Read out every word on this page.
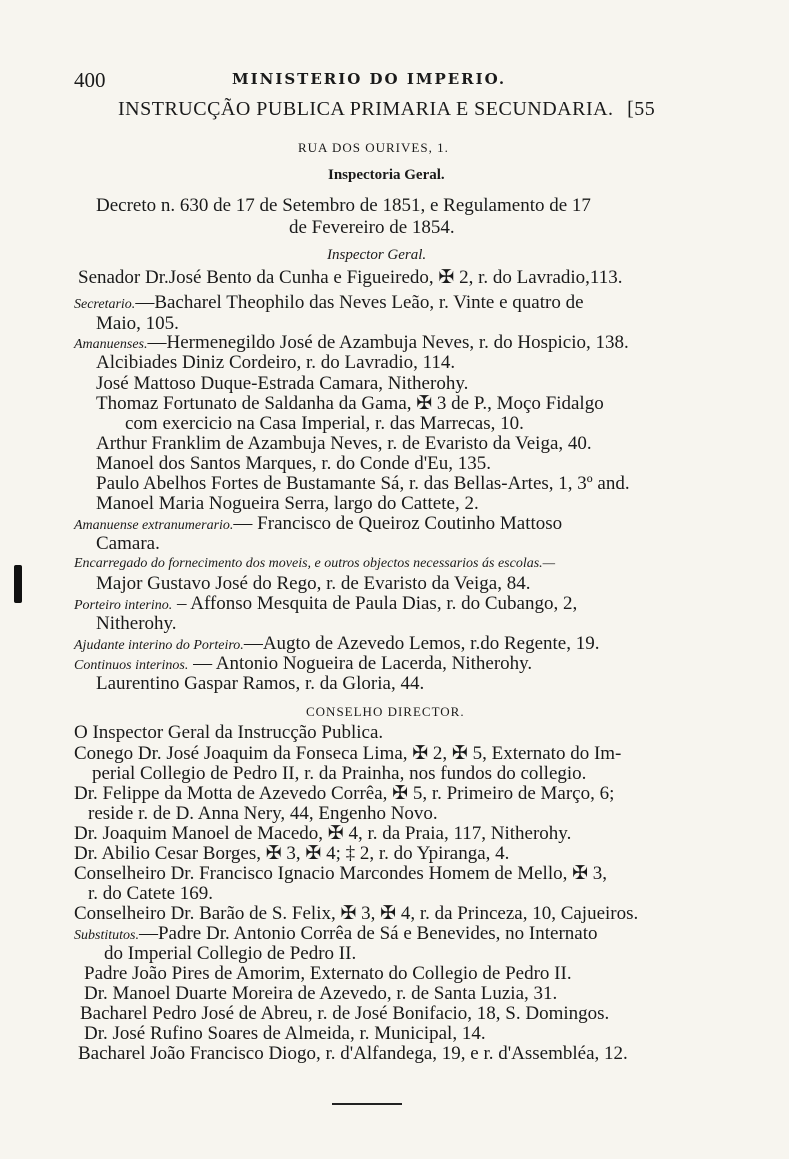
400	MINISTERIO DO IMPERIO.
INSTRUCÇÃO PUBLICA PRIMARIA E SECUNDARIA. [55
RUA DOS OURIVES, 1.
Inspectoria Geral.
Decreto n. 630 de 17 de Setembro de 1851, e Regulamento de 17
de Fevereiro de 1854.
Inspector Geral.
Senador Dr.José Bento da Cunha e Figueiredo, ✠ 2, r. do Lavradio,113.
Secretario.—Bacharel Theophilo das Neves Leão, r. Vinte e quatro de
Maio, 105.
Amanuenses.—Hermenegildo José de Azambuja Neves, r. do Hospicio, 138.
Alcibiades Diniz Cordeiro, r. do Lavradio, 114.
José Mattoso Duque-Estrada Camara, Nitherohy.
Thomaz Fortunato de Saldanha da Gama, ✠ 3 de P., Moço Fidalgo
com exercicio na Casa Imperial, r. das Marrecas, 10.
Arthur Franklim de Azambuja Neves, r. de Evaristo da Veiga, 40.
Manoel dos Santos Marques, r. do Conde d'Eu, 135.
Paulo Abelhos Fortes de Bustamante Sá, r. das Bellas-Artes, 1, 3º and.
Manoel Maria Nogueira Serra, largo do Cattete, 2.
Amanuense extranumerario.— Francisco de Queiroz Coutinho Mattoso
Camara.
Encarregado do fornecimento dos moveis, e outros objectos necessarios ás escolas.—
Major Gustavo José do Rego, r. de Evaristo da Veiga, 84.
Porteiro interino. – Affonso Mesquita de Paula Dias, r. do Cubango, 2,
Nitherohy.
Ajudante interino do Porteiro.—Augto de Azevedo Lemos, r.do Regente, 19.
Continuos interinos. — Antonio Nogueira de Lacerda, Nitherohy.
Laurentino Gaspar Ramos, r. da Gloria, 44.
CONSELHO DIRECTOR.
O Inspector Geral da Instrucção Publica.
Conego Dr. José Joaquim da Fonseca Lima, ✠ 2, ✠ 5, Externato do Im-
perial Collegio de Pedro II, r. da Prainha, nos fundos do collegio.
Dr. Felippe da Motta de Azevedo Corrêa, ✠ 5, r. Primeiro de Março, 6;
reside r. de D. Anna Nery, 44, Engenho Novo.
Dr. Joaquim Manoel de Macedo, ✠ 4, r. da Praia, 117, Nitherohy.
Dr. Abilio Cesar Borges, ✠ 3, ✠ 4; ‡ 2, r. do Ypiranga, 4.
Conselheiro Dr. Francisco Ignacio Marcondes Homem de Mello, ✠ 3,
r. do Catete 169.
Conselheiro Dr. Barão de S. Felix, ✠ 3, ✠ 4, r. da Princeza, 10, Cajueiros.
Substitutos.—Padre Dr. Antonio Corrêa de Sá e Benevides, no Internato
do Imperial Collegio de Pedro II.
Padre João Pires de Amorim, Externato do Collegio de Pedro II.
Dr. Manoel Duarte Moreira de Azevedo, r. de Santa Luzia, 31.
Bacharel Pedro José de Abreu, r. de José Bonifacio, 18, S. Domingos.
Dr. José Rufino Soares de Almeida, r. Municipal, 14.
Bacharel João Francisco Diogo, r. d'Alfandega, 19, e r. d'Assembléa, 12.
